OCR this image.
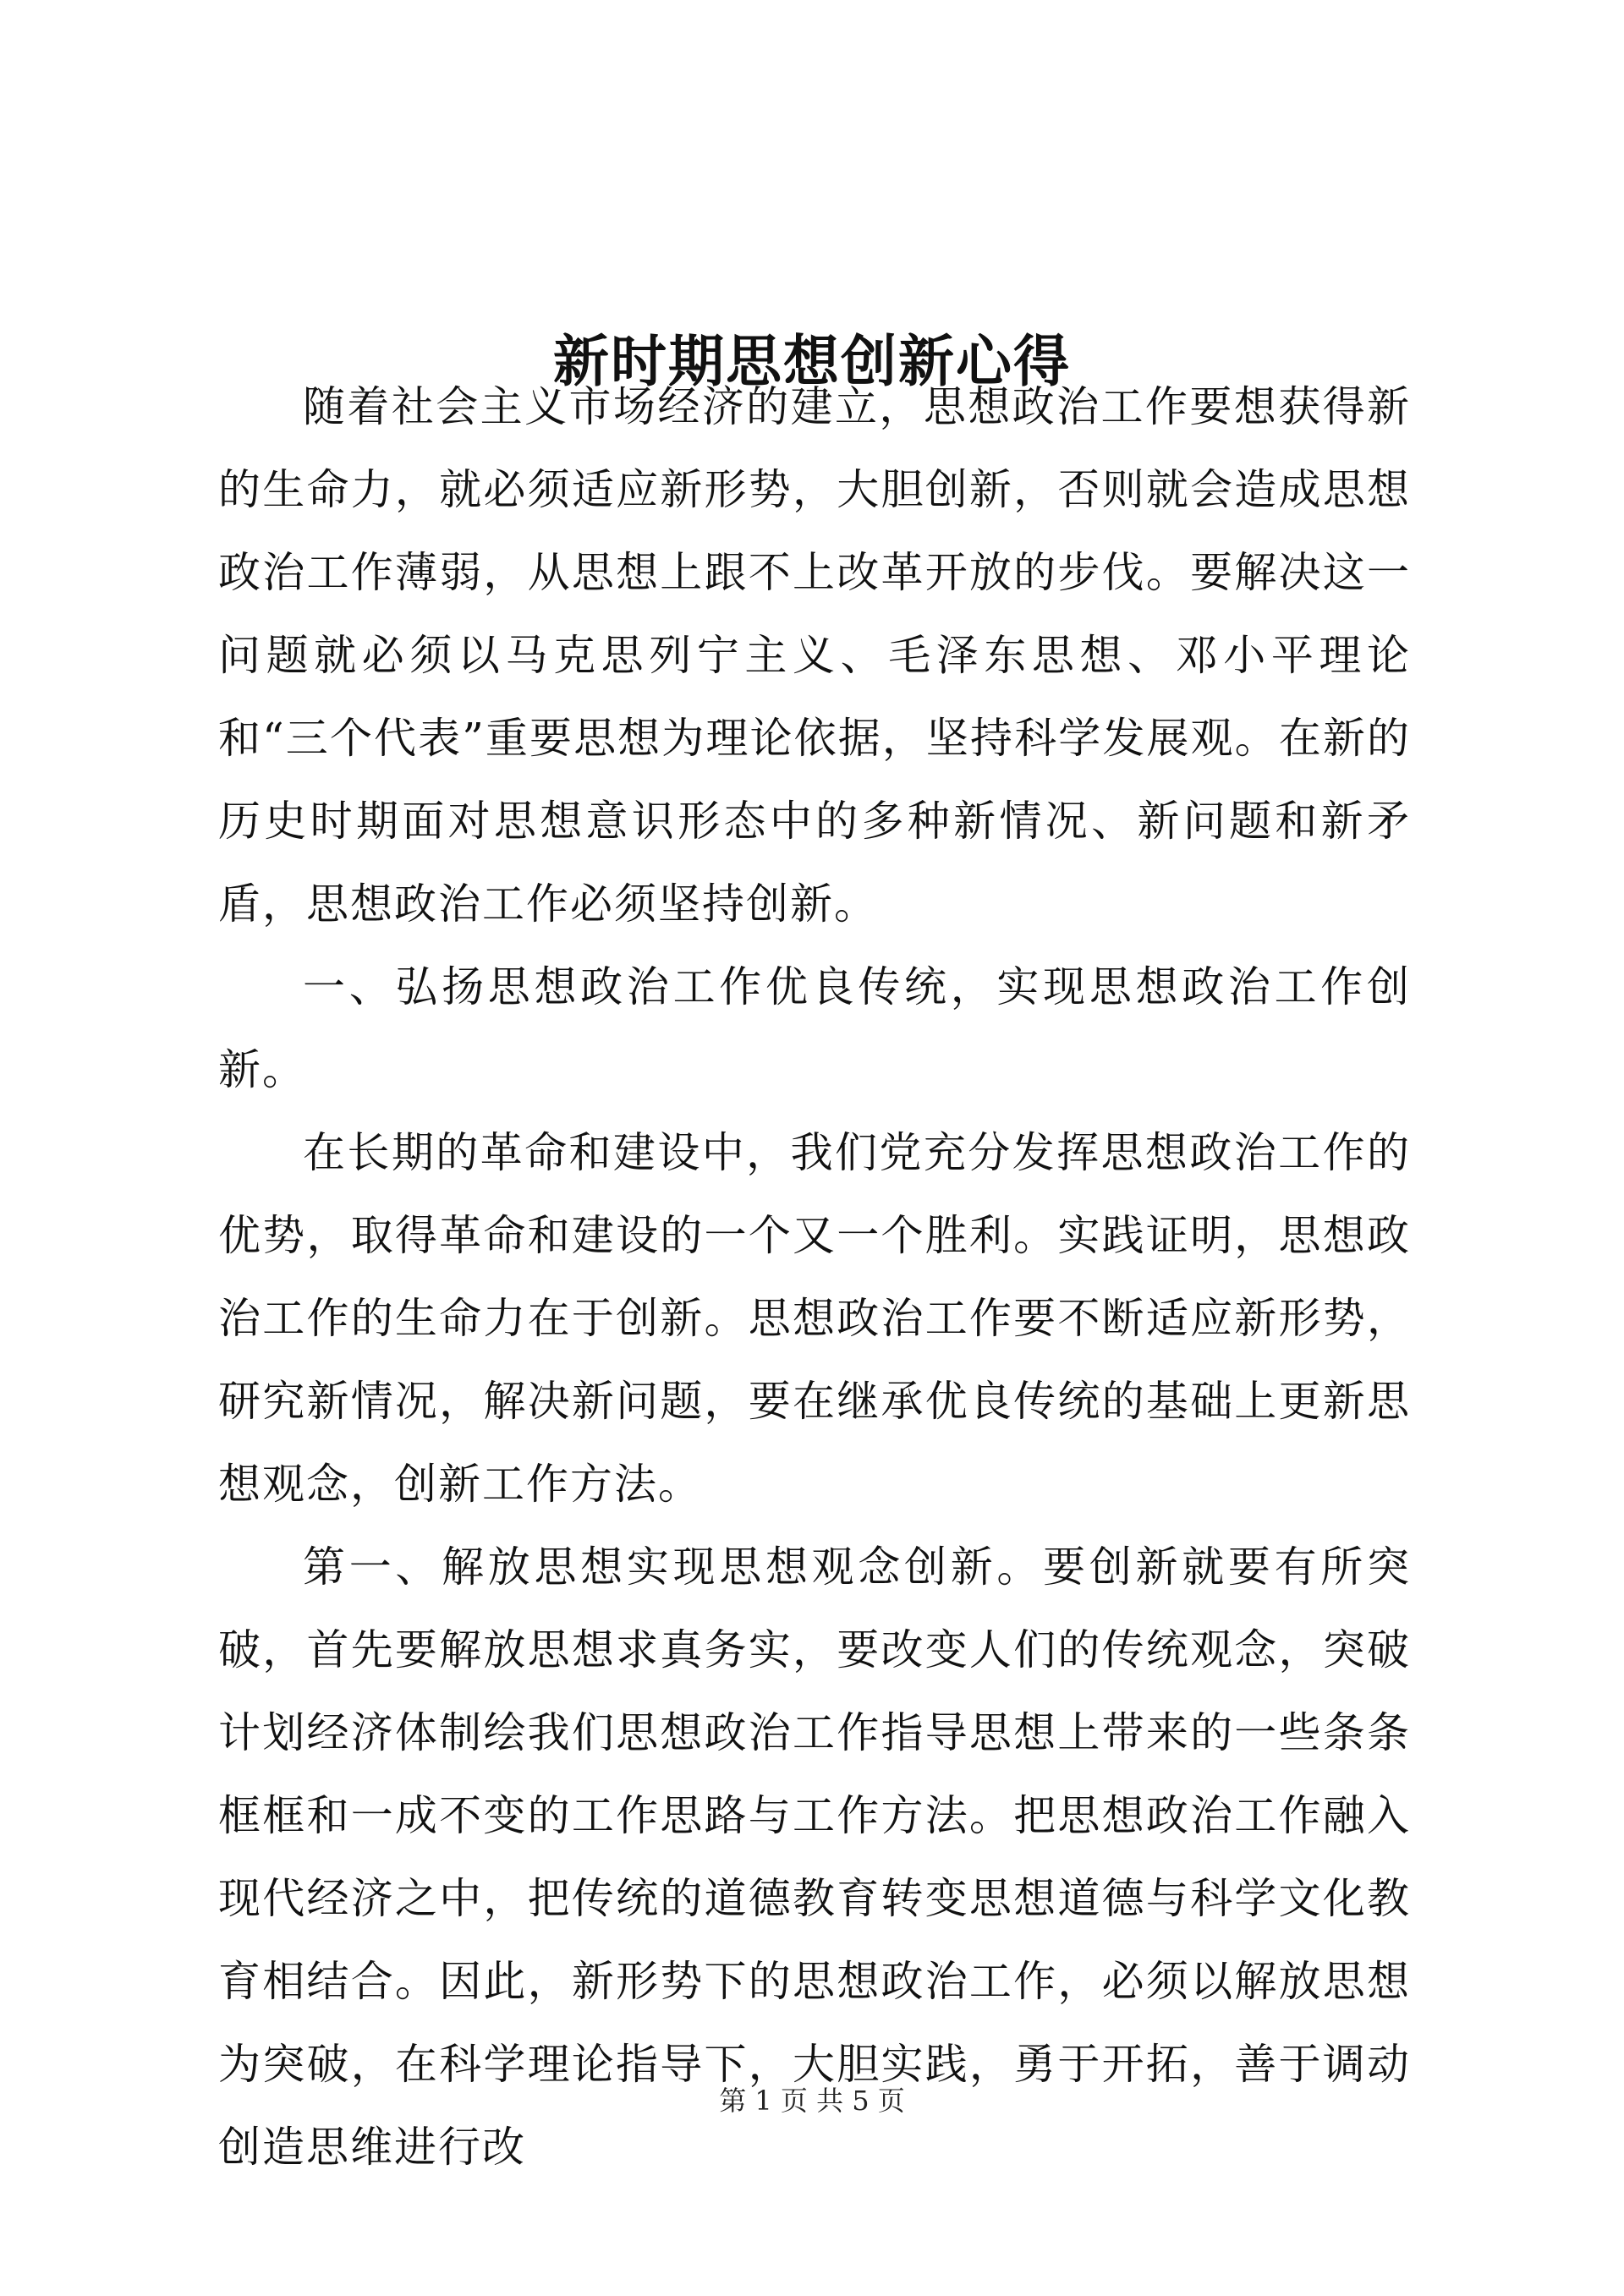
新时期思想创新心得

随着社会主义市场经济的建立，思想政治工作要想获得新的生命力，就必须适应新形势，大胆创新，否则就会造成思想政治工作薄弱，从思想上跟不上改革开放的步伐。要解决这一问题就必须以马克思列宁主义、毛泽东思想、邓小平理论和“三个代表”重要思想为理论依据，坚持科学发展观。在新的历史时期面对思想意识形态中的多种新情况、新问题和新矛盾，思想政治工作必须坚持创新。

一、弘扬思想政治工作优良传统，实现思想政治工作创新。

在长期的革命和建设中，我们党充分发挥思想政治工作的优势，取得革命和建设的一个又一个胜利。实践证明，思想政治工作的生命力在于创新。思想政治工作要不断适应新形势，研究新情况，解决新问题，要在继承优良传统的基础上更新思想观念，创新工作方法。

第一、解放思想实现思想观念创新。要创新就要有所突破，首先要解放思想求真务实，要改变人们的传统观念，突破计划经济体制绘我们思想政治工作指导思想上带来的一些条条框框和一成不变的工作思路与工作方法。把思想政治工作融入现代经济之中，把传统的道德教育转变思想道德与科学文化教育相结合。因此，新形势下的思想政治工作，必须以解放思想为突破，在科学理论指导下，大胆实践，勇于开拓，善于调动创造思维进行改

第 1 页 共 5 页
